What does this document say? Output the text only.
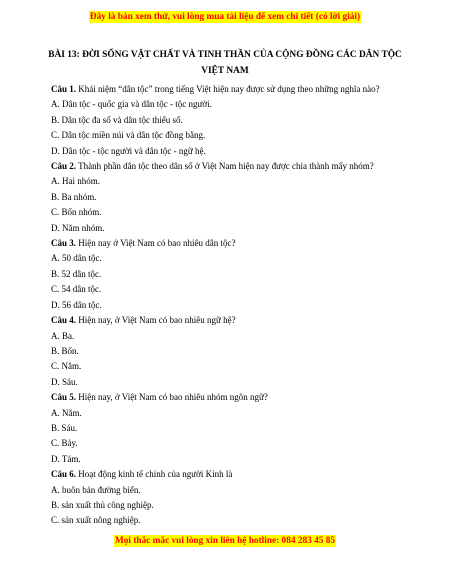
Đây là bản xem thử, vui lòng mua tài liệu để xem chi tiết (có lời giải)
BÀI 13: ĐỜI SỐNG VẬT CHẤT VÀ TINH THẦN CỦA CỘNG ĐỒNG CÁC DÂN TỘC
VIỆT NAM
Câu 1. Khái niệm “dân tộc” trong tiếng Việt hiện nay được sử dụng theo những nghĩa nào?
A. Dân tộc - quốc gia và dân tộc - tộc người.
B. Dân tộc đa số và dân tộc thiểu số.
C. Dân tộc miền núi và dân tộc đồng bằng.
D. Dân tộc - tộc người và dân tộc - ngữ hệ.
Câu 2. Thành phần dân tộc theo dân số ở Việt Nam hiện nay được chia thành mấy nhóm?
A. Hai nhóm.
B. Ba nhóm.
C. Bốn nhóm.
D. Năm nhóm.
Câu 3. Hiện nay ở Việt Nam có bao nhiêu dân tộc?
A. 50 dân tộc.
B. 52 dân tộc.
C. 54 dân tộc.
D. 56 dân tộc.
Câu 4. Hiện nay, ở Việt Nam có bao nhiêu ngữ hệ?
A. Ba.
B. Bốn.
C. Năm.
D. Sáu.
Câu 5. Hiện nay, ở Việt Nam có bao nhiêu nhóm ngôn ngữ?
A. Năm.
B. Sáu.
C. Bảy.
D. Tám.
Câu 6. Hoạt động kinh tế chính của người Kinh là
A. buôn bán đường biển.
B. sản xuất thủ công nghiệp.
C. sản xuất nông nghiệp.
Mọi thắc mắc vui lòng xin liên hệ hotline: 084 283 45 85
